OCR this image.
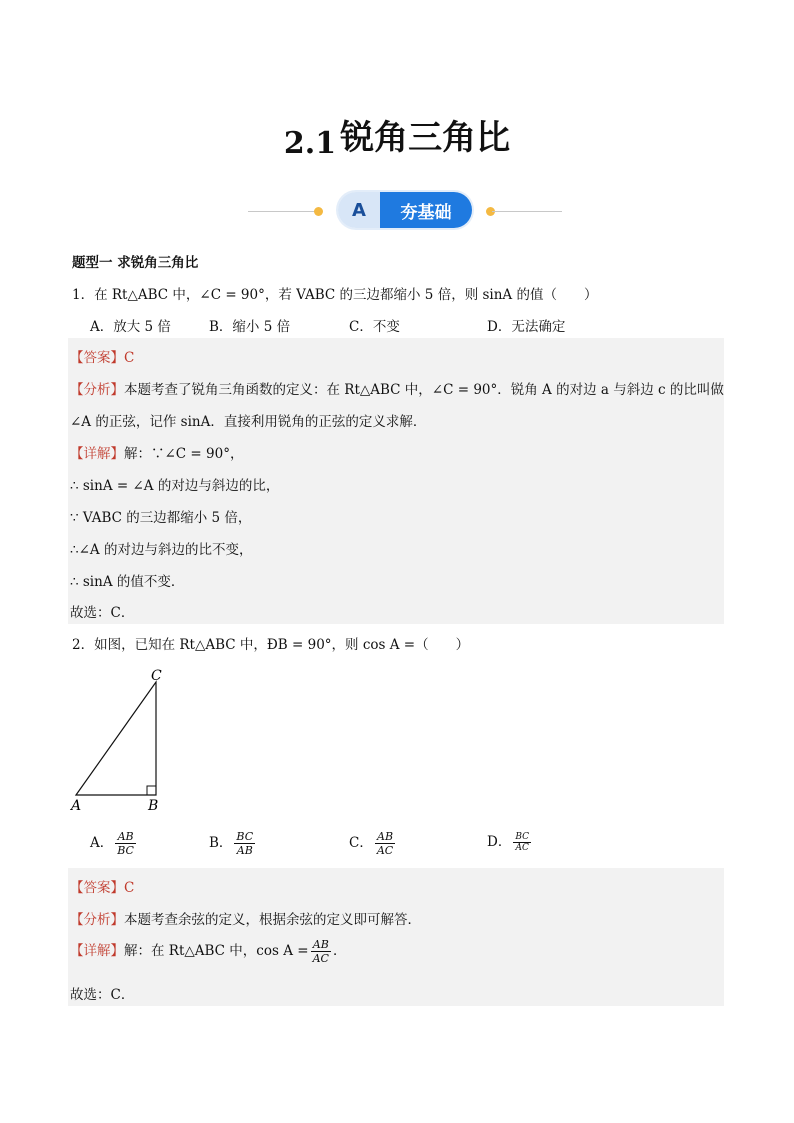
2.1 锐角三角比
A	夯基础
题型一 求锐角三角比
1．在 Rt△ABC 中，∠C = 90°，若 VABC 的三边都缩小 5 倍，则 sinA 的值（　　）
A．放大 5 倍	B．缩小 5 倍	C．不变	D．无法确定
【答案】C
【分析】本题考查了锐角三角函数的定义：在 Rt△ABC 中，∠C = 90°．锐角 A 的对边 a 与斜边 c 的比叫做
∠A 的正弦，记作 sinA．直接利用锐角的正弦的定义求解．
【详解】解：∵∠C = 90°，
∴ sinA = ∠A 的对边与斜边的比，
∵ VABC 的三边都缩小 5 倍，
∴∠A 的对边与斜边的比不变，
∴ sinA 的值不变．
故选：C．
2．如图，已知在 Rt△ABC 中，ÐB = 90°，则 cos A =（　　）
C
A	B
A． $\frac{AB}{BC}$	B． $\frac{BC}{AB}$	C． $\frac{AB}{AC}$	D． $\frac{BC}{AC}$
【答案】C
【分析】本题考查余弦的定义，根据余弦的定义即可解答．
【详解】解：在 Rt△ABC 中，$\cos A = \frac{AB}{AC}$ ．
故选：C．
